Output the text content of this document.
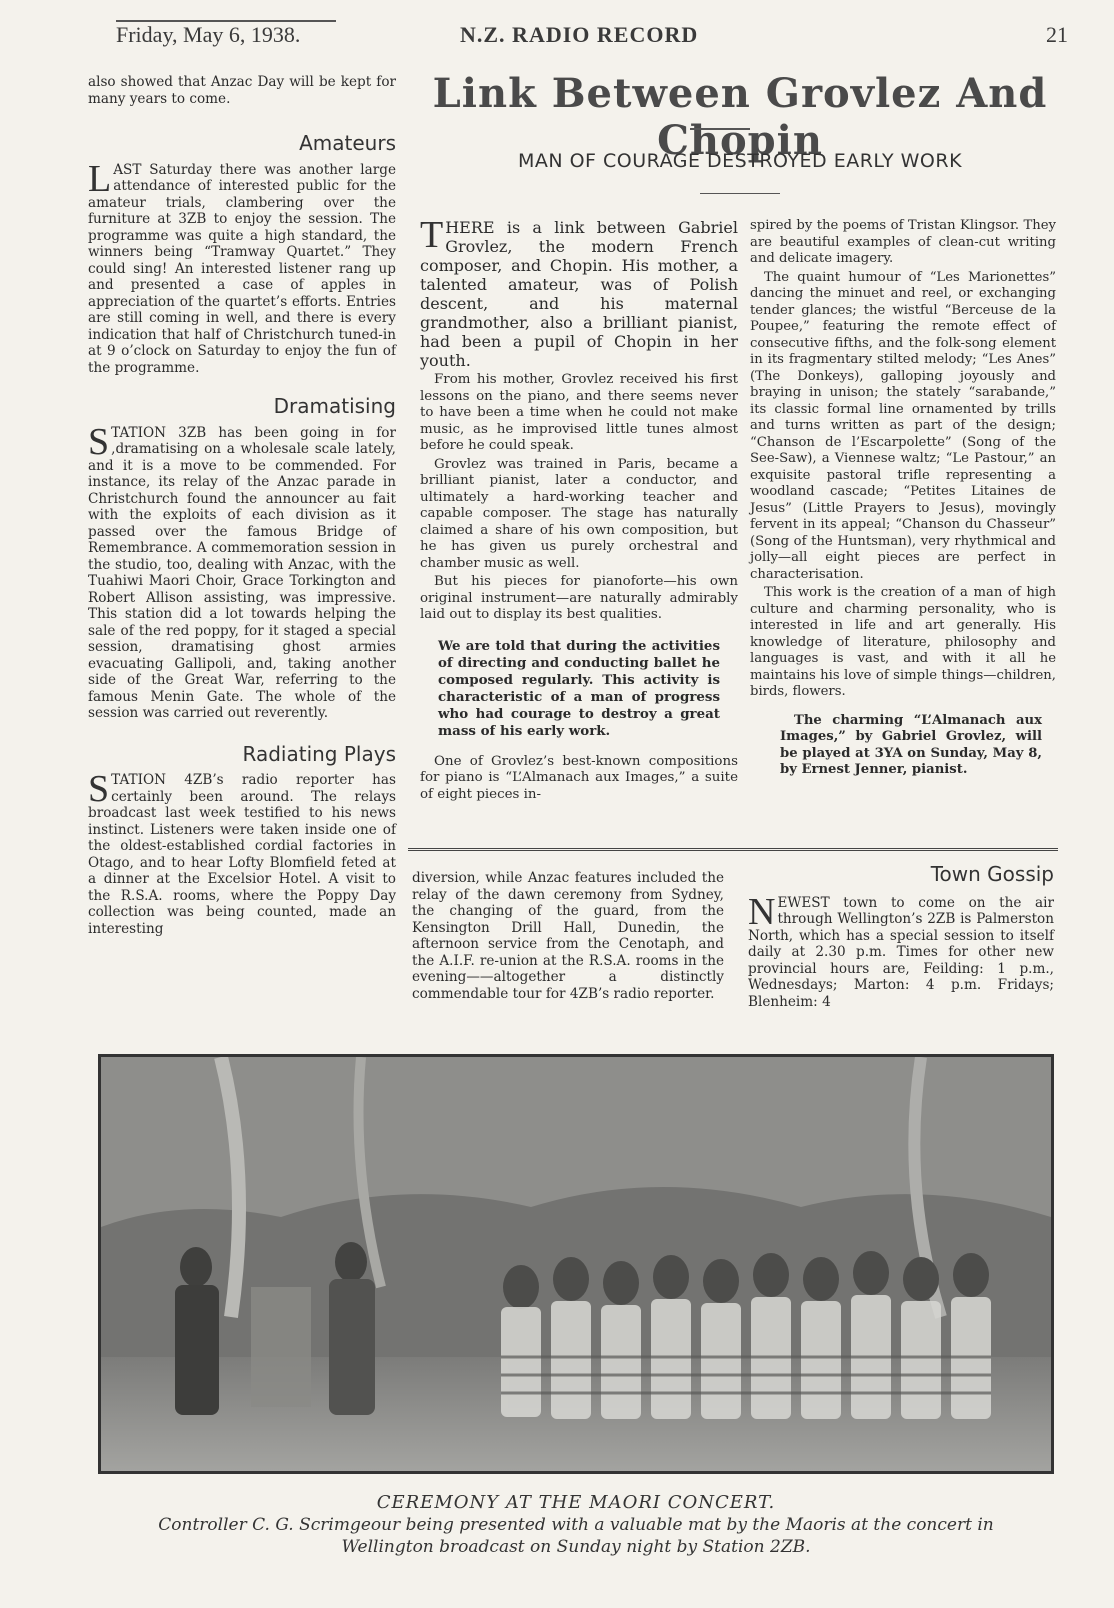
Friday, May 6, 1938.	N.Z. RADIO RECORD	21

also showed that Anzac Day will be kept for many years to come.

Amateurs

LAST Saturday there was another large attendance of interested public for the amateur trials, clambering over the furniture at 3ZB to enjoy the session. The programme was quite a high standard, the winners being “Tramway Quartet.” They could sing! An interested listener rang up and presented a case of apples in appreciation of the quartet’s efforts. Entries are still coming in well, and there is every indication that half of Christchurch tuned-in at 9 o’clock on Saturday to enjoy the fun of the programme.

Dramatising

STATION 3ZB has been going in for ,dramatising on a wholesale scale lately, and it is a move to be commended. For instance, its relay of the Anzac parade in Christchurch found the announcer au fait with the exploits of each division as it passed over the famous Bridge of Remembrance. A commemoration session in the studio, too, dealing with Anzac, with the Tuahiwi Maori Choir, Grace Torkington and Robert Allison assisting, was impressive. This station did a lot towards helping the sale of the red poppy, for it staged a special session, dramatising ghost armies evacuating Gallipoli, and, taking another side of the Great War, referring to the famous Menin Gate. The whole of the session was carried out reverently.

Radiating Plays

STATION 4ZB’s radio reporter has certainly been around. The relays broadcast last week testified to his news instinct. Listeners were taken inside one of the oldest-established cordial factories in Otago, and to hear Lofty Blomfield feted at a dinner at the Excelsior Hotel. A visit to the R.S.A. rooms, where the Poppy Day collection was being counted, made an interesting

Link Between Grovlez And Chopin
MAN OF COURAGE DESTROYED EARLY WORK

THERE is a link between Gabriel Grovlez, the modern French composer, and Chopin. His mother, a talented amateur, was of Polish descent, and his maternal grandmother, also a brilliant pianist, had been a pupil of Chopin in her youth.

From his mother, Grovlez received his first lessons on the piano, and there seems never to have been a time when he could not make music, as he improvised little tunes almost before he could speak.

Grovlez was trained in Paris, became a brilliant pianist, later a conductor, and ultimately a hard-working teacher and capable composer. The stage has naturally claimed a share of his own composition, but he has given us purely orchestral and chamber music as well.

But his pieces for pianoforte—his own original instrument—are naturally admirably laid out to display its best qualities.

We are told that during the activities of directing and conducting ballet he composed regularly. This activity is characteristic of a man of progress who had courage to destroy a great mass of his early work.

One of Grovlez’s best-known compositions for piano is “L’Almanach aux Images,” a suite of eight pieces in-

spired by the poems of Tristan Klingsor. They are beautiful examples of clean-cut writing and delicate imagery.

The quaint humour of “Les Marionettes” dancing the minuet and reel, or exchanging tender glances; the wistful “Berceuse de la Poupee,” featuring the remote effect of consecutive fifths, and the folk-song element in its fragmentary stilted melody; “Les Anes” (The Donkeys), galloping joyously and braying in unison; the stately “sarabande,” its classic formal line ornamented by trills and turns written as part of the design; “Chanson de l’Escarpolette” (Song of the See-Saw), a Viennese waltz; “Le Pastour,” an exquisite pastoral trifle representing a woodland cascade; “Petites Litaines de Jesus” (Little Prayers to Jesus), movingly fervent in its appeal; “Chanson du Chasseur” (Song of the Huntsman), very rhythmical and jolly—all eight pieces are perfect in characterisation.

This work is the creation of a man of high culture and charming personality, who is interested in life and art generally. His knowledge of literature, philosophy and languages is vast, and with it all he maintains his love of simple things—children, birds, flowers.

The charming “L’Almanach aux Images,” by Gabriel Grovlez, will be played at 3YA on Sunday, May 8, by Ernest Jenner, pianist.

diversion, while Anzac features included the relay of the dawn ceremony from Sydney, the changing of the guard, from the Kensington Drill Hall, Dunedin, the afternoon service from the Cenotaph, and the A.I.F. re-union at the R.S.A. rooms in the evening——altogether a distinctly commendable tour for 4ZB’s radio reporter.

Town Gossip

NEWEST town to come on the air through Wellington’s 2ZB is Palmerston North, which has a special session to itself daily at 2.30 p.m. Times for other new provincial hours are, Feilding: 1 p.m., Wednesdays; Marton: 4 p.m. Fridays; Blenheim: 4

CEREMONY AT THE MAORI CONCERT.
Controller C. G. Scrimgeour being presented with a valuable mat by the Maoris at the concert in
Wellington broadcast on Sunday night by Station 2ZB.
